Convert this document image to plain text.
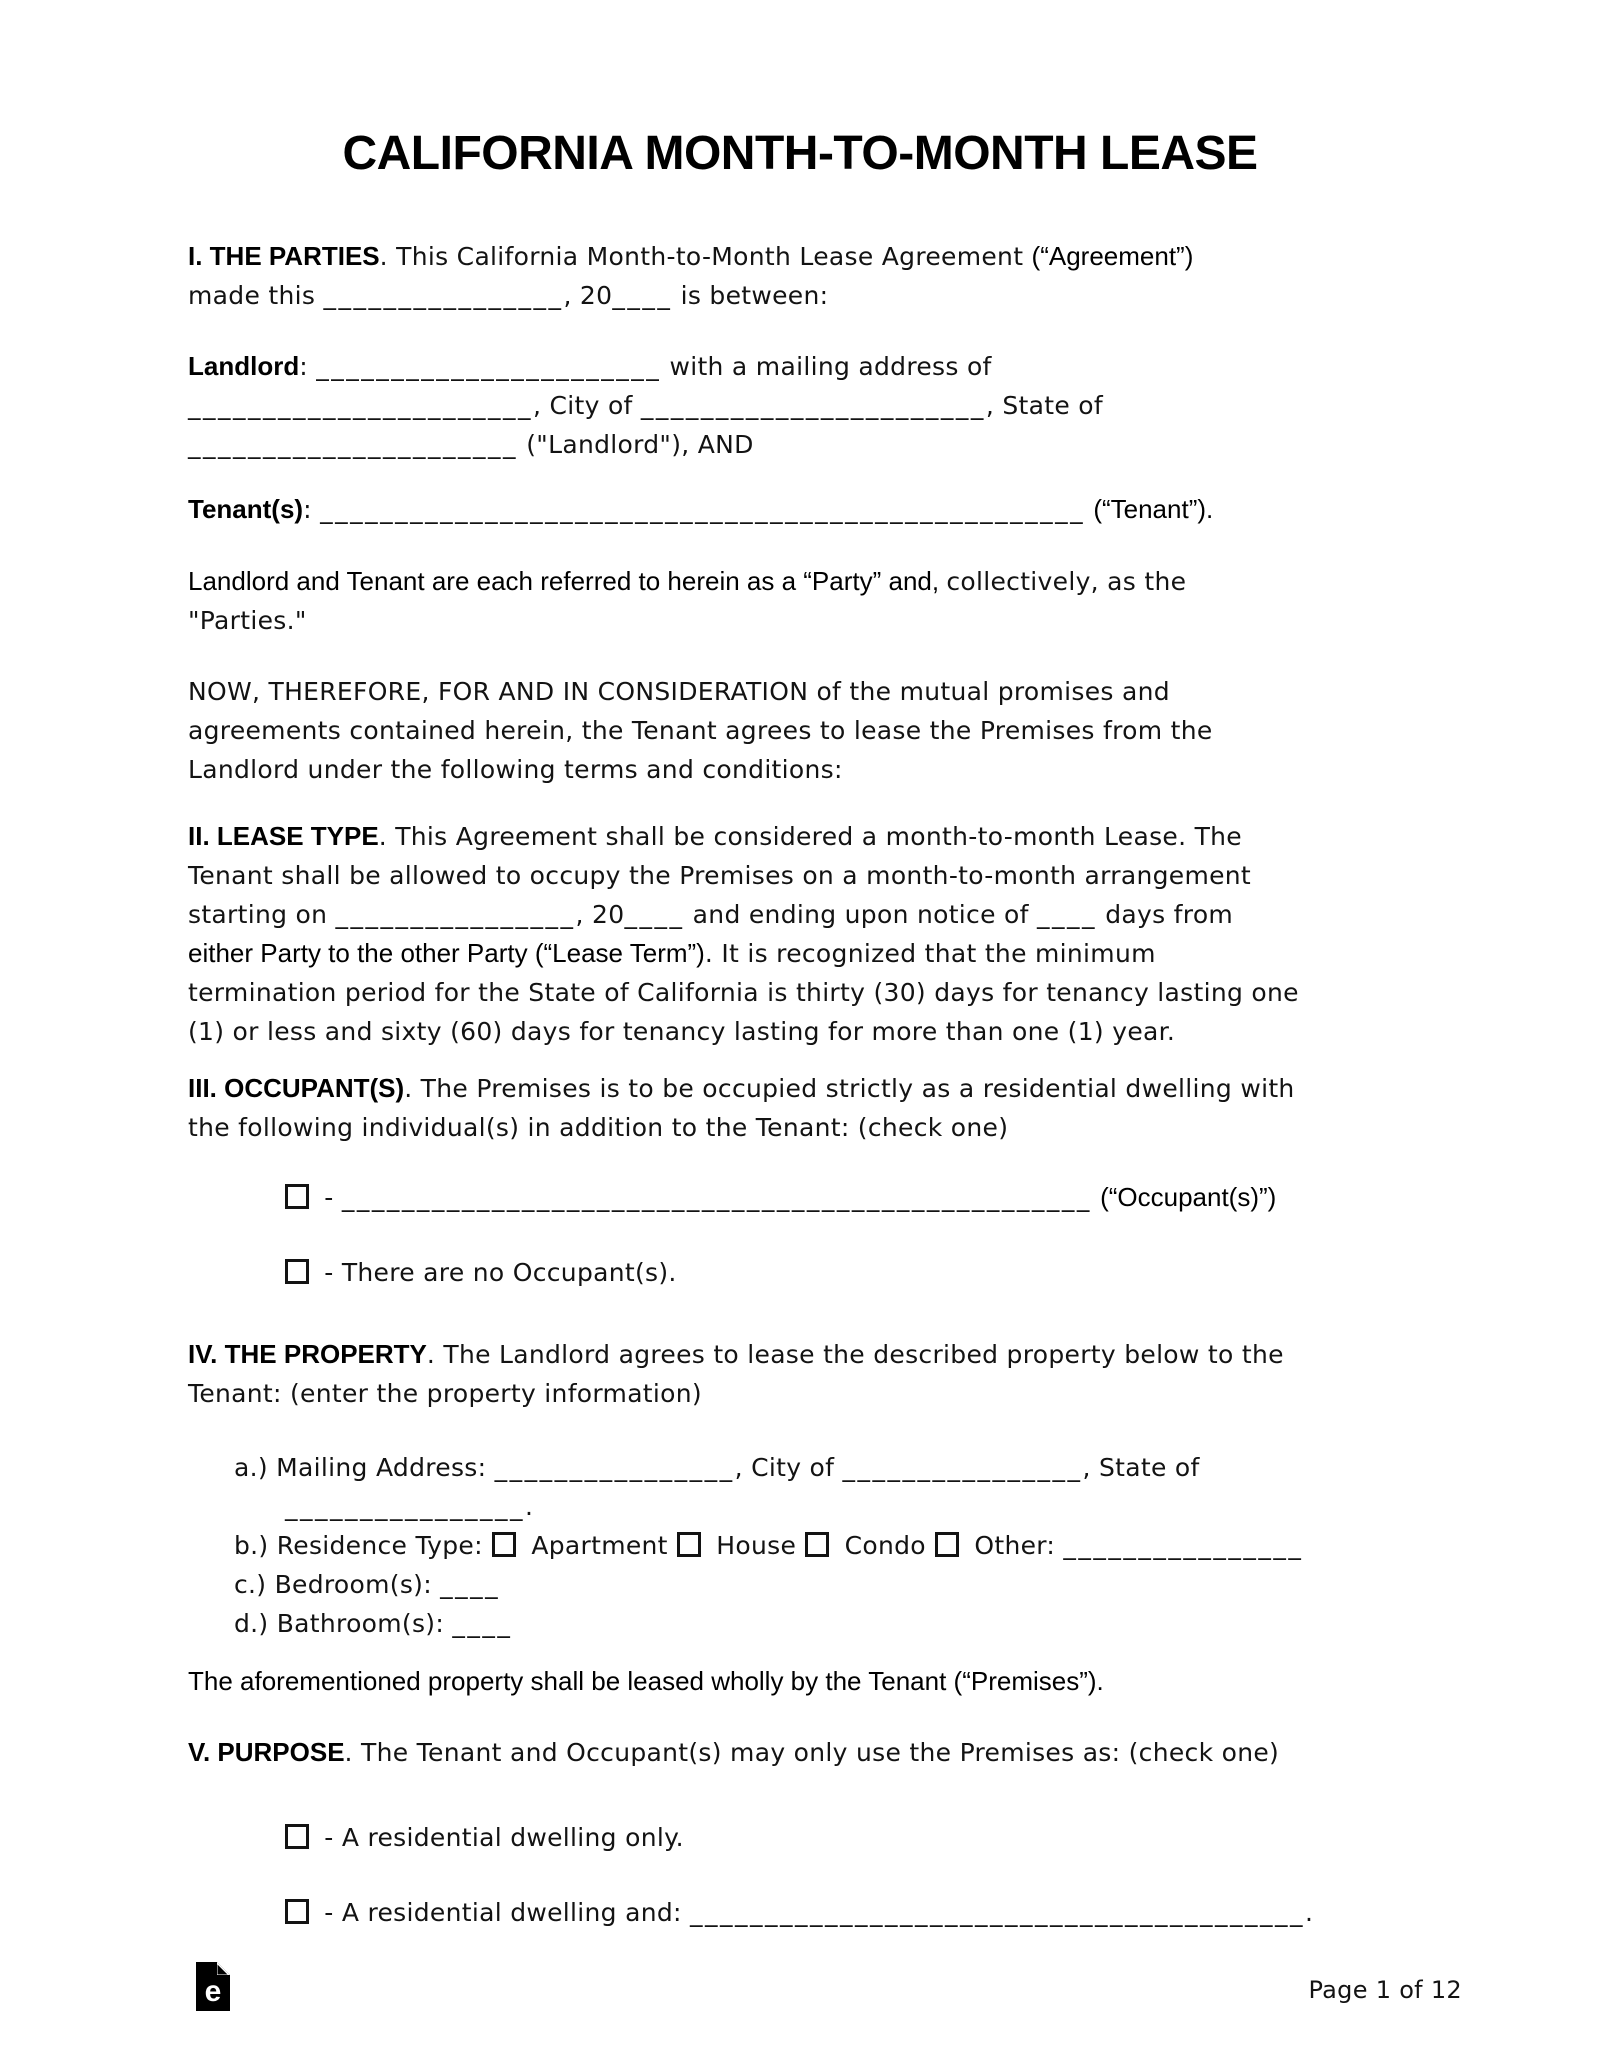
CALIFORNIA MONTH-TO-MONTH LEASE
I. THE PARTIES. This California Month-to-Month Lease Agreement (“Agreement”)
made this ________________, 20____ is between:
Landlord: _______________________ with a mailing address of
_______________________, City of _______________________, State of
______________________ ("Landlord"), AND
Tenant(s): ___________________________________________________ (“Tenant”).
Landlord and Tenant are each referred to herein as a “Party” and, collectively, as the
"Parties."
NOW, THEREFORE, FOR AND IN CONSIDERATION of the mutual promises and
agreements contained herein, the Tenant agrees to lease the Premises from the
Landlord under the following terms and conditions:
II. LEASE TYPE. This Agreement shall be considered a month-to-month Lease. The
Tenant shall be allowed to occupy the Premises on a month-to-month arrangement
starting on ________________, 20____ and ending upon notice of ____ days from
either Party to the other Party (“Lease Term”). It is recognized that the minimum
termination period for the State of California is thirty (30) days for tenancy lasting one
(1) or less and sixty (60) days for tenancy lasting for more than one (1) year.
III. OCCUPANT(S). The Premises is to be occupied strictly as a residential dwelling with
the following individual(s) in addition to the Tenant: (check one)
- __________________________________________________ (“Occupant(s)”)
- There are no Occupant(s).
IV. THE PROPERTY. The Landlord agrees to lease the described property below to the
Tenant: (enter the property information)
a.) Mailing Address: ________________, City of ________________, State of
________________.
b.) Residence Type:  Apartment  House  Condo  Other: ________________
c.) Bedroom(s): ____
d.) Bathroom(s): ____
The aforementioned property shall be leased wholly by the Tenant (“Premises”).
V. PURPOSE. The Tenant and Occupant(s) may only use the Premises as: (check one)
- A residential dwelling only.
- A residential dwelling and: _________________________________________.
e	Page 1 of 12
